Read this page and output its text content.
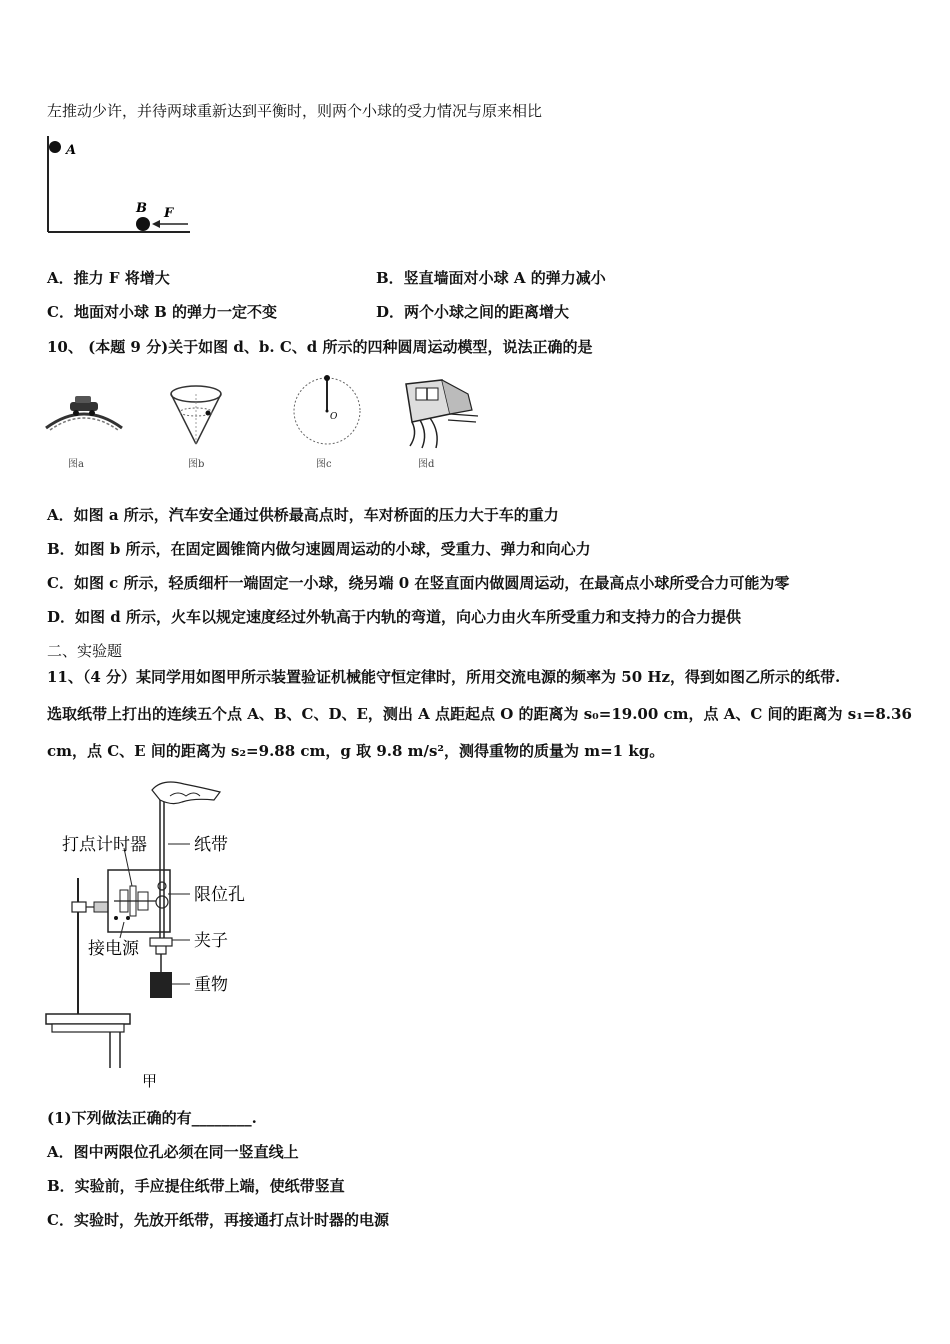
左推动少许，并待两球重新达到平衡时，则两个小球的受力情况与原来相比
A
B F
A．推力 F 将增大	B．竖直墙面对小球 A 的弹力减小
C．地面对小球 B 的弹力一定不变	D．两个小球之间的距离增大
10、 (本题 9 分)关于如图 d、b. C、d 所示的四种圆周运动模型，说法正确的是
图a	图b
O
图c	图d
A．如图 a 所示，汽车安全通过供桥最高点时，车对桥面的压力大于车的重力
B．如图 b 所示，在固定圆锥筒内做匀速圆周运动的小球，受重力、弹力和向心力
C．如图 c 所示，轻质细杆一端固定一小球，绕另端 0 在竖直面内做圆周运动，在最高点小球所受合力可能为零
D．如图 d 所示，火车以规定速度经过外轨高于内轨的弯道，向心力由火车所受重力和支持力的合力提供
二、实验题
11、（4 分）某同学用如图甲所示装置验证机械能守恒定律时，所用交流电源的频率为 50 Hz，得到如图乙所示的纸带.
选取纸带上打出的连续五个点 A、B、C、D、E，测出 A 点距起点 O 的距离为 s₀=19.00 cm，点 A、C 间的距离为 s₁=8.36
cm，点 C、E 间的距离为 s₂=9.88 cm，g 取 9.8 m/s²，测得重物的质量为 m=1 kg。
打点计时器	纸带
限位孔
接电源	夹子
重物
甲
(1)下列做法正确的有________.
A．图中两限位孔必须在同一竖直线上
B．实验前，手应提住纸带上端，使纸带竖直
C．实验时，先放开纸带，再接通打点计时器的电源
